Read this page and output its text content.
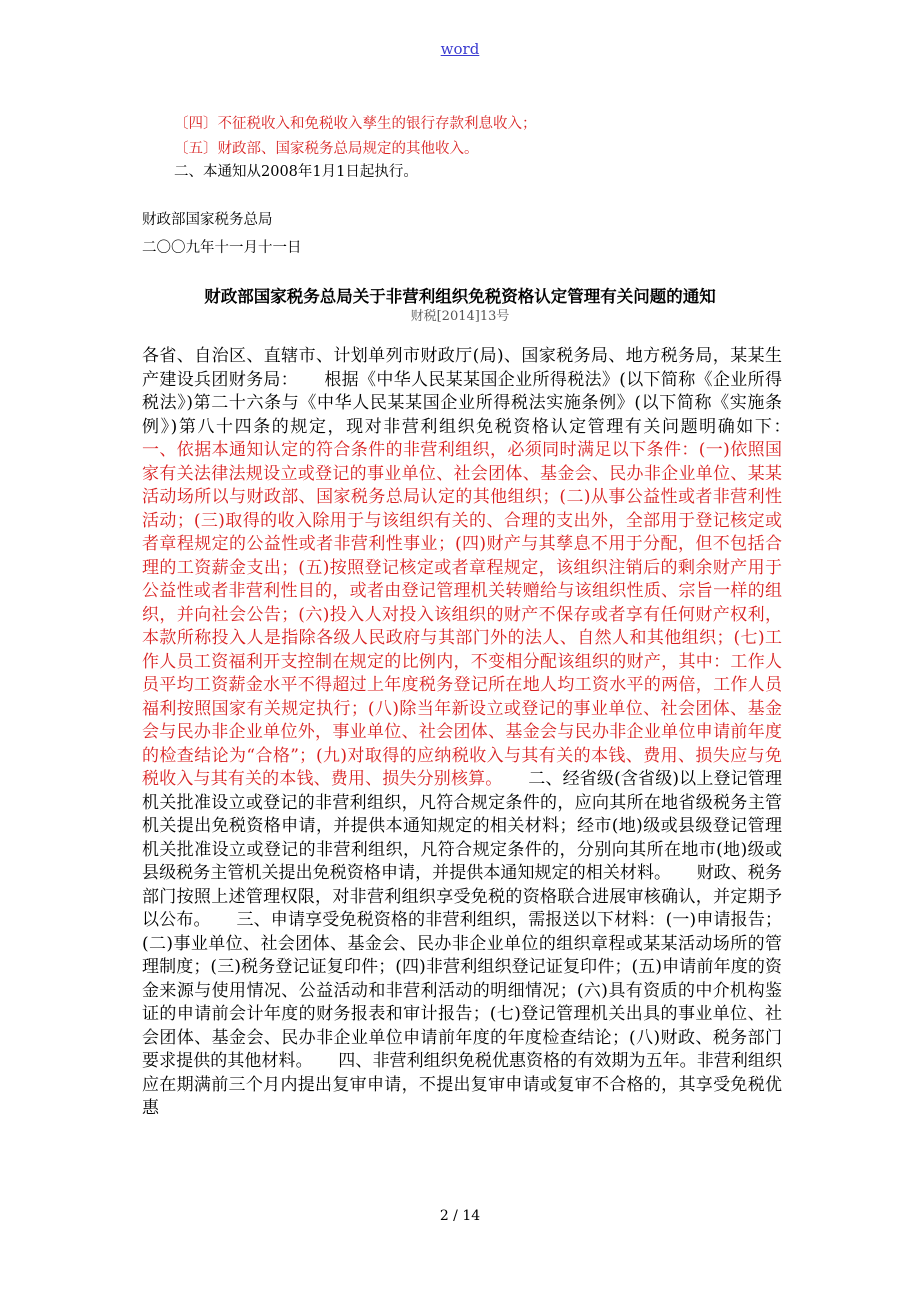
word
〔四〕不征税收入和免税收入孳生的银行存款利息收入；
〔五〕财政部、国家税务总局规定的其他收入。
二、本通知从2008年1月1日起执行。
财政部国家税务总局
二〇〇九年十一月十一日
财政部国家税务总局关于非营利组织免税资格认定管理有关问题的通知
财税[2014]13号
各省、自治区、直辖市、计划单列市财政厅(局)、国家税务局、地方税务局，某某生产建设兵团财务局：　　根据《中华人民某某国企业所得税法》(以下简称《企业所得税法》)第二十六条与《中华人民某某国企业所得税法实施条例》(以下简称《实施条例》)第八十四条的规定，现对非营利组织免税资格认定管理有关问题明确如下：　　一、依据本通知认定的符合条件的非营利组织，必须同时满足以下条件：(一)依照国家有关法律法规设立或登记的事业单位、社会团体、基金会、民办非企业单位、某某活动场所以与财政部、国家税务总局认定的其他组织；(二)从事公益性或者非营利性活动；(三)取得的收入除用于与该组织有关的、合理的支出外，全部用于登记核定或者章程规定的公益性或者非营利性事业；(四)财产与其孳息不用于分配，但不包括合理的工资薪金支出；(五)按照登记核定或者章程规定，该组织注销后的剩余财产用于公益性或者非营利性目的，或者由登记管理机关转赠给与该组织性质、宗旨一样的组织，并向社会公告；(六)投入人对投入该组织的财产不保存或者享有任何财产权利，本款所称投入人是指除各级人民政府与其部门外的法人、自然人和其他组织；(七)工作人员工资福利开支控制在规定的比例内，不变相分配该组织的财产，其中：工作人员平均工资薪金水平不得超过上年度税务登记所在地人均工资水平的两倍，工作人员福利按照国家有关规定执行；(八)除当年新设立或登记的事业单位、社会团体、基金会与民办非企业单位外，事业单位、社会团体、基金会与民办非企业单位申请前年度的检查结论为“合格”；(九)对取得的应纳税收入与其有关的本钱、费用、损失应与免税收入与其有关的本钱、费用、损失分别核算。　　二、经省级(含省级)以上登记管理机关批准设立或登记的非营利组织，凡符合规定条件的，应向其所在地省级税务主管机关提出免税资格申请，并提供本通知规定的相关材料；经市(地)级或县级登记管理机关批准设立或登记的非营利组织，凡符合规定条件的，分别向其所在地市(地)级或县级税务主管机关提出免税资格申请，并提供本通知规定的相关材料。　　财政、税务部门按照上述管理权限，对非营利组织享受免税的资格联合进展审核确认，并定期予以公布。　　三、申请享受免税资格的非营利组织，需报送以下材料：(一)申请报告；(二)事业单位、社会团体、基金会、民办非企业单位的组织章程或某某活动场所的管理制度；(三)税务登记证复印件；(四)非营利组织登记证复印件；(五)申请前年度的资金来源与使用情况、公益活动和非营利活动的明细情况；(六)具有资质的中介机构鉴证的申请前会计年度的财务报表和审计报告；(七)登记管理机关出具的事业单位、社会团体、基金会、民办非企业单位申请前年度的年度检查结论；(八)财政、税务部门要求提供的其他材料。　　四、非营利组织免税优惠资格的有效期为五年。非营利组织应在期满前三个月内提出复审申请，不提出复审申请或复审不合格的，其享受免税优惠
2 / 14
